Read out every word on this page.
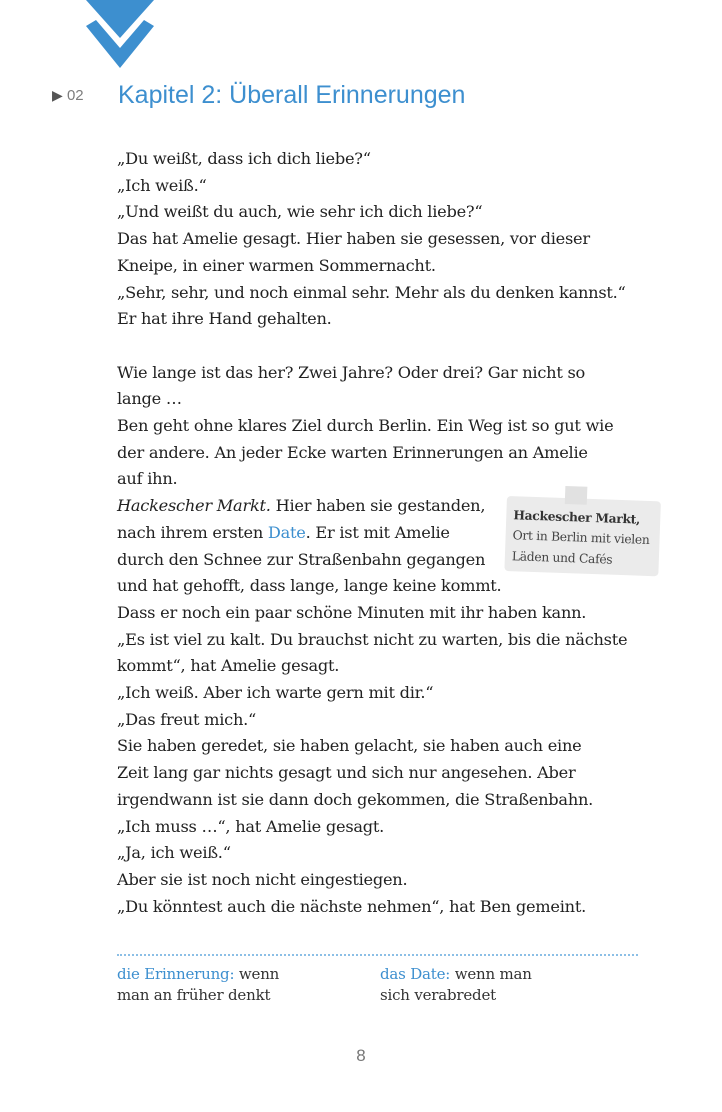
▶ 02	Kapitel 2: Überall Erinnerungen

„Du weißt, dass ich dich liebe?“

„Ich weiß.“

„Und weißt du auch, wie sehr ich dich liebe?“

Das hat Amelie gesagt. Hier haben sie gesessen, vor dieser

Kneipe, in einer warmen Sommernacht.

„Sehr, sehr, und noch einmal sehr. Mehr als du denken kannst.“

Er hat ihre Hand gehalten.

Wie lange ist das her? Zwei Jahre? Oder drei? Gar nicht so

lange …

Ben geht ohne klares Ziel durch Berlin. Ein Weg ist so gut wie

der andere. An jeder Ecke warten Erinnerungen an Amelie

auf ihn.

Hackescher Markt. Hier haben sie gestanden,

nach ihrem ersten Date. Er ist mit Amelie

durch den Schnee zur Straßenbahn gegangen

und hat gehofft, dass lange, lange keine kommt.

Dass er noch ein paar schöne Minuten mit ihr haben kann.

„Es ist viel zu kalt. Du brauchst nicht zu warten, bis die nächste

kommt“, hat Amelie gesagt.

„Ich weiß. Aber ich warte gern mit dir.“

„Das freut mich.“

Sie haben geredet, sie haben gelacht, sie haben auch eine

Zeit lang gar nichts gesagt und sich nur angesehen. Aber

irgendwann ist sie dann doch gekommen, die Straßenbahn.

„Ich muss …“, hat Amelie gesagt.

„Ja, ich weiß.“

Aber sie ist noch nicht eingestiegen.

„Du könntest auch die nächste nehmen“, hat Ben gemeint.

Hackescher Markt,
Ort in Berlin mit vielen
Läden und Cafés
die Erinnerung: wenn
man an früher denkt
das Date: wenn man
sich verabredet
8
